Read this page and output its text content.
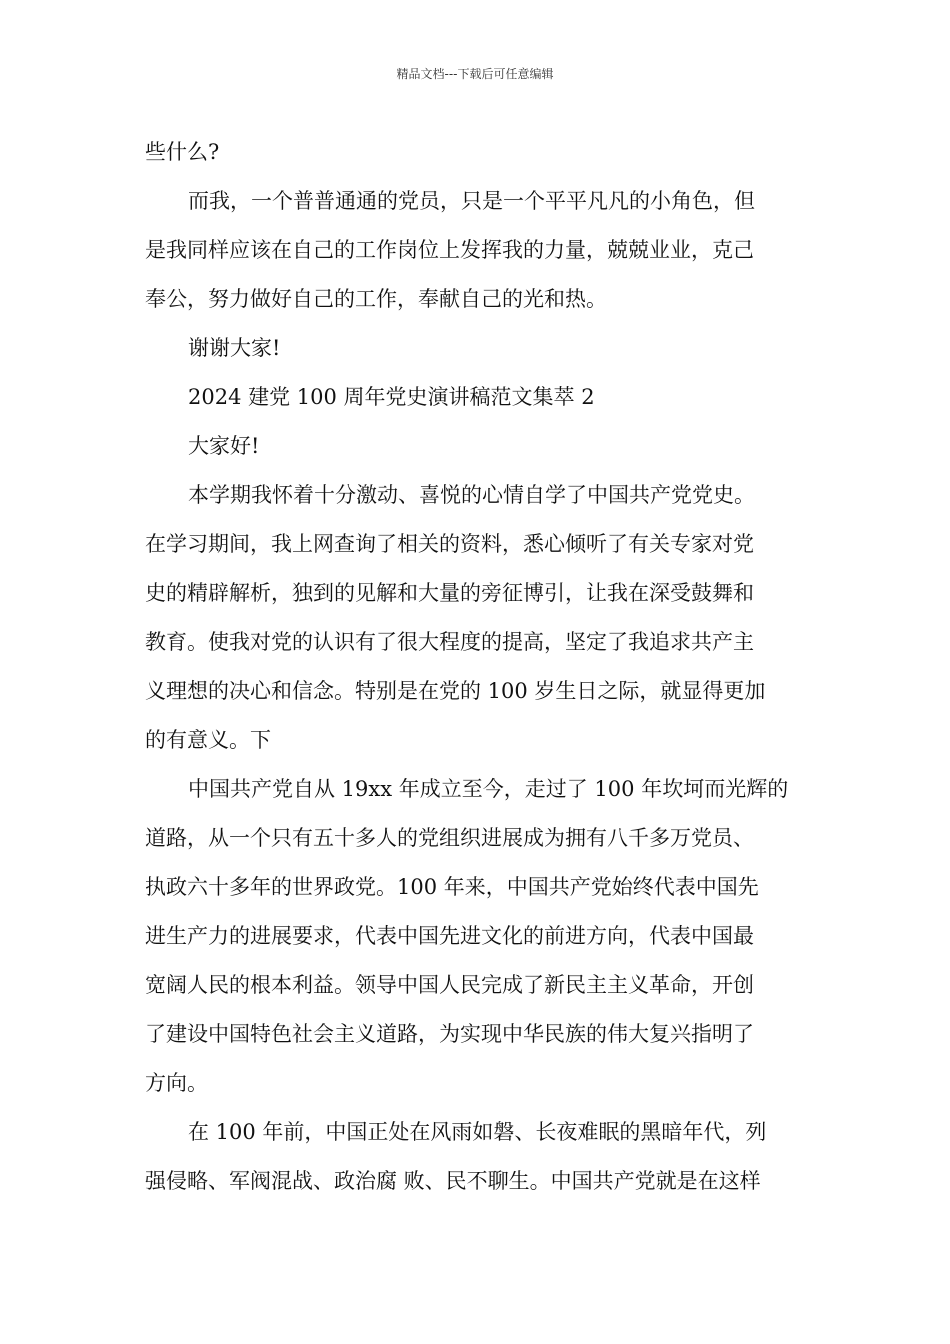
精品文档---下载后可任意编辑
些什么?
而我，一个普普通通的党员，只是一个平平凡凡的小角色，但
是我同样应该在自己的工作岗位上发挥我的力量，兢兢业业，克己
奉公，努力做好自己的工作，奉献自己的光和热。
谢谢大家!
2024 建党 100 周年党史演讲稿范文集萃 2
大家好!
本学期我怀着十分激动、喜悦的心情自学了中国共产党党史。
在学习期间，我上网查询了相关的资料，悉心倾听了有关专家对党
史的精辟解析，独到的见解和大量的旁征博引，让我在深受鼓舞和
教育。使我对党的认识有了很大程度的提高，坚定了我追求共产主
义理想的决心和信念。特别是在党的 100 岁生日之际，就显得更加
的有意义。下
中国共产党自从 19xx 年成立至今，走过了 100 年坎坷而光辉的
道路，从一个只有五十多人的党组织进展成为拥有八千多万党员、
执政六十多年的世界政党。100 年来，中国共产党始终代表中国先
进生产力的进展要求，代表中国先进文化的前进方向，代表中国最
宽阔人民的根本利益。领导中国人民完成了新民主主义革命，开创
了建设中国特色社会主义道路，为实现中华民族的伟大复兴指明了
方向。
在 100 年前，中国正处在风雨如磐、长夜难眠的黑暗年代，列
强侵略、军阀混战、政治腐 败、民不聊生。中国共产党就是在这样
